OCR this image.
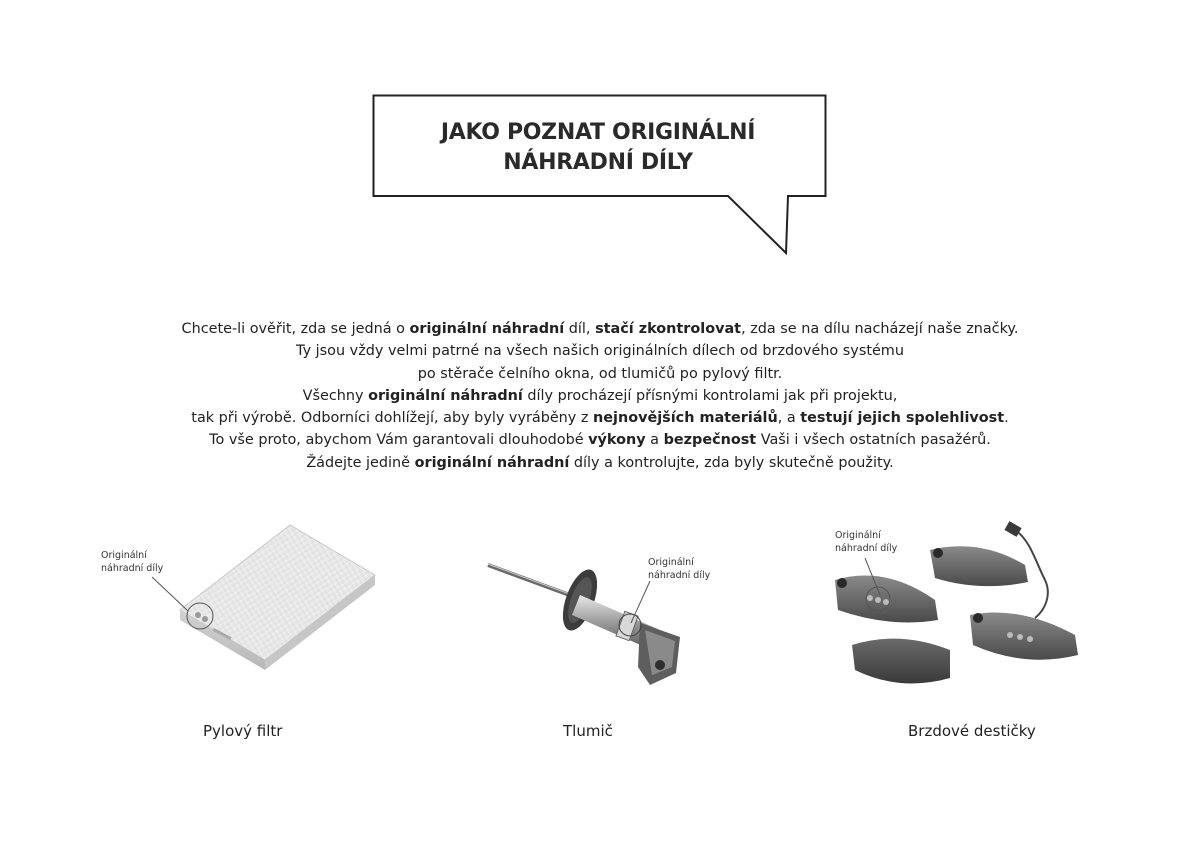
JAKO POZNAT ORIGINÁLNÍ
NÁHRADNÍ DÍLY
Chcete-li ověřit, zda se jedná o originální náhradní díl, stačí zkontrolovat, zda se na dílu nacházejí naše značky.
Ty jsou vždy velmi patrné na všech našich originálních dílech od brzdového systému
po stěrače čelního okna, od tlumičů po pylový filtr.
Všechny originální náhradní díly procházejí přísnými kontrolami jak při projektu,
tak při výrobě. Odborníci dohlížejí, aby byly vyráběny z nejnovějších materiálů, a testují jejich spolehlivost.
To vše proto, abychom Vám garantovali dlouhodobé výkony a bezpečnost Vaši i všech ostatních pasažérů.
Žádejte jedině originální náhradní díly a kontrolujte, zda byly skutečně použity.
Originální
náhradní díly
Pylový filtr
Originální
náhradní díly
Tlumič
Originální
náhradní díly
Brzdové destičky
